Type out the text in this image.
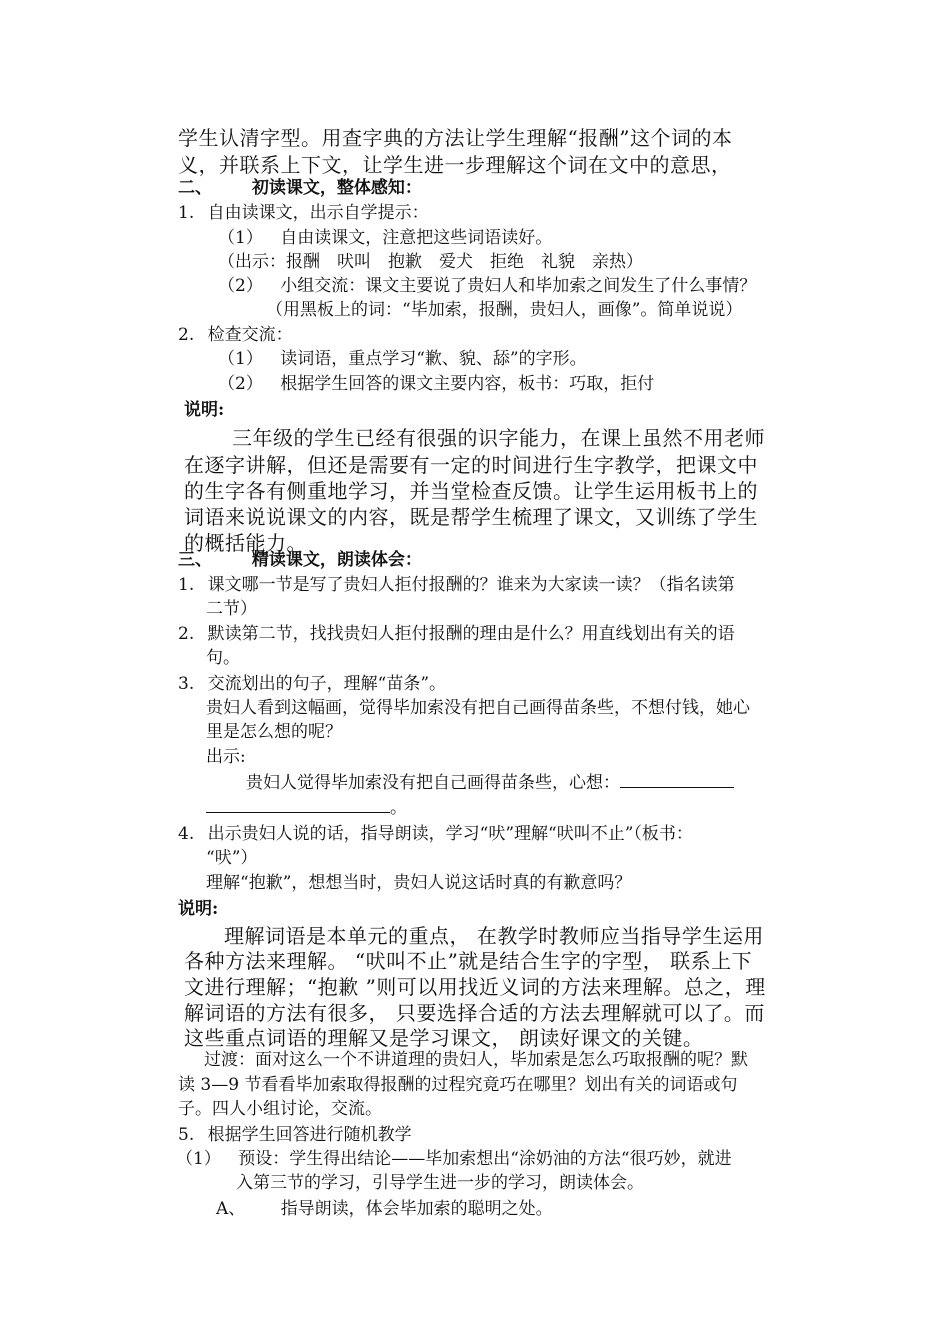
学生认清字型。用查字典的方法让学生理解“报酬”这个词的本
义，并联系上下文，让学生进一步理解这个词在文中的意思，
二、 初读课文，整体感知：
1. 自由读课文，出示自学提示：
（1） 自由读课文，注意把这些词语读好。
（出示：报酬　吠叫　抱歉　爱犬　拒绝　礼貌　亲热）
（2） 小组交流：课文主要说了贵妇人和毕加索之间发生了什么事情？
（用黑板上的词：“毕加索，报酬，贵妇人，画像”。简单说说）
2. 检查交流：
（1） 读词语，重点学习“歉、貌、舔”的字形。
（2） 根据学生回答的课文主要内容，板书：巧取，拒付
说明:
三年级的学生已经有很强的识字能力，在课上虽然不用老师
在逐字讲解，但还是需要有一定的时间进行生字教学，把课文中
的生字各有侧重地学习，并当堂检查反馈。让学生运用板书上的
词语来说说课文的内容，既是帮学生梳理了课文，又训练了学生
的概括能力。
三、 精读课文，朗读体会：
1. 课文哪一节是写了贵妇人拒付报酬的？谁来为大家读一读？（指名读第
二节）
2. 默读第二节，找找贵妇人拒付报酬的理由是什么？用直线划出有关的语
句。
3. 交流划出的句子，理解“苗条”。
贵妇人看到这幅画，觉得毕加索没有把自己画得苗条些，不想付钱，她心
里是怎么想的呢？
出示:
贵妇人觉得毕加索没有把自己画得苗条些，心想：
。
4. 出示贵妇人说的话，指导朗读，学习“吠”理解“吠叫不止”（板书：
“吠”）
理解“抱歉”，想想当时，贵妇人说这话时真的有歉意吗？
说明:
理解词语是本单元的重点， 在教学时教师应当指导学生运用
各种方法来理解。 “吠叫不止”就是结合生字的字型， 联系上下
文进行理解；“抱歉 ”则可以用找近义词的方法来理解。总之，理
解词语的方法有很多， 只要选择合适的方法去理解就可以了。而
这些重点词语的理解又是学习课文， 朗读好课文的关键。
过渡：面对这么一个不讲道理的贵妇人，毕加索是怎么巧取报酬的呢？默
读 3—9 节看看毕加索取得报酬的过程究竟巧在哪里？划出有关的词语或句
子。四人小组讨论，交流。
5. 根据学生回答进行随机教学
（1） 预设：学生得出结论——毕加索想出“涂奶油的方法“很巧妙，就进
入第三节的学习，引导学生进一步的学习，朗读体会。
A、 指导朗读，体会毕加索的聪明之处。
